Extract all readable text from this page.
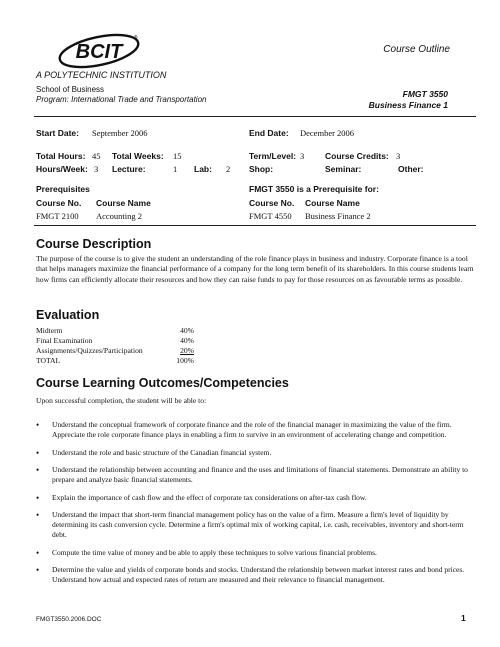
BCIT
®
A POLYTECHNIC INSTITUTION
School of Business
Program: International Trade and Transportation
Course Outline
FMGT 3550
Business Finance 1
Start Date: September 2006	End Date: December 2006
Total Hours: 45 Total Weeks: 15	Term/Level: 3 Course Credits: 3
Hours/Week: 3 Lecture:	1 Lab: 2 Shop:	Seminar:	Other:
Prerequisites	FMGT 3550 is a Prerequisite for:
Course No. Course Name	Course No. Course Name
FMGT 2100 Accounting 2	FMGT 4550 Business Finance 2
Course Description
The purpose of the course is to give the student an understanding of the role finance plays in business and industry. Corporate finance is a tool that helps managers maximize the financial performance of a company for the long term benefit of its shareholders. In this course students learn how firms can efficiently allocate their resources and how they can raise funds to pay for those resources on as favourable terms as possible.
Evaluation
Midterm	40%
Final Examination	40%
Assignments/Quizzes/Participation	20%
TOTAL	100%
Course Learning Outcomes/Competencies
Upon successful completion, the student will be able to:
• Understand the conceptual framework of corporate finance and the role of the financial manager in maximizing the value of the firm. Appreciate the role corporate finance plays in enabling a firm to survive in an environment of accelerating change and competition.
• Understand the role and basic structure of the Canadian financial system.
• Understand the relationship between accounting and finance and the uses and limitations of financial statements. Demonstrate an ability to prepare and analyze basic financial statements.
• Explain the importance of cash flow and the effect of corporate tax considerations on after-tax cash flow.
• Understand the impact that short-term financial management policy has on the value of a firm. Measure a firm's level of liquidity by determining its cash conversion cycle. Determine a firm's optimal mix of working capital, i.e. cash, receivables, inventory and short-term debt.
• Compute the time value of money and be able to apply these techniques to solve various financial problems.
• Determine the value and yields of corporate bonds and stocks. Understand the relationship between market interest rates and bond prices. Understand how actual and expected rates of return are measured and their relevance to financial management.
FMGT3550.2006.DOC	1
